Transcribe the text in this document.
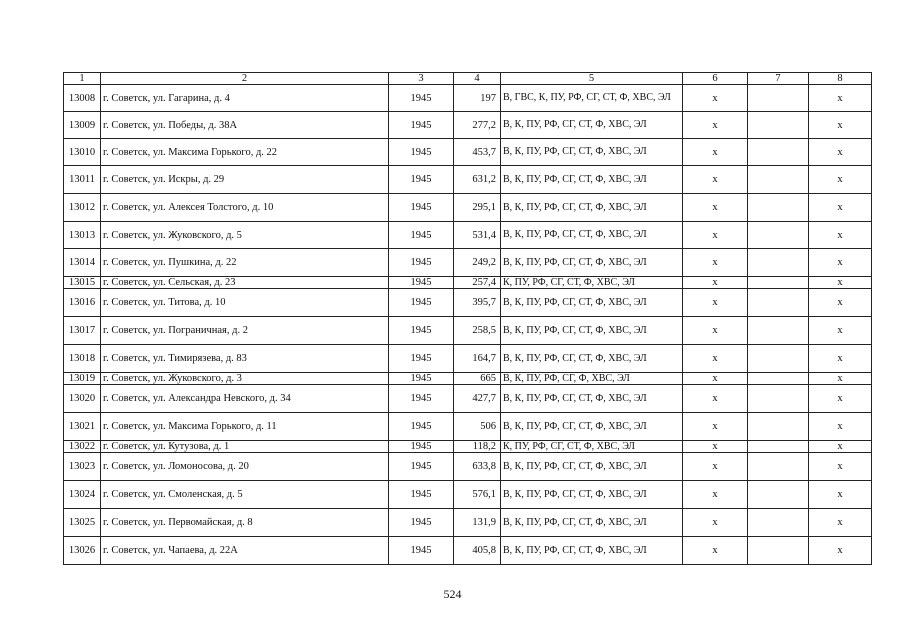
1	2	3	4	5	6	7	8
13008	г. Советск, ул. Гагарина, д. 4	1945	197	В, ГВС, К, ПУ, РФ, СГ, СТ, Ф, ХВС, ЭЛ	х		х
13009	г. Советск, ул. Победы, д. 38А	1945	277,2	В, К, ПУ, РФ, СГ, СТ, Ф, ХВС, ЭЛ	х		х
13010	г. Советск, ул. Максима Горького, д. 22	1945	453,7	В, К, ПУ, РФ, СГ, СТ, Ф, ХВС, ЭЛ	х		х
13011	г. Советск, ул. Искры, д. 29	1945	631,2	В, К, ПУ, РФ, СГ, СТ, Ф, ХВС, ЭЛ	х		х
13012	г. Советск, ул. Алексея Толстого, д. 10	1945	295,1	В, К, ПУ, РФ, СГ, СТ, Ф, ХВС, ЭЛ	х		х
13013	г. Советск, ул. Жуковского, д. 5	1945	531,4	В, К, ПУ, РФ, СГ, СТ, Ф, ХВС, ЭЛ	х		х
13014	г. Советск, ул. Пушкина, д. 22	1945	249,2	В, К, ПУ, РФ, СГ, СТ, Ф, ХВС, ЭЛ	х		х
13015	г. Советск, ул. Сельская, д. 23	1945	257,4	К, ПУ, РФ, СГ, СТ, Ф, ХВС, ЭЛ	х		х
13016	г. Советск, ул. Титова, д. 10	1945	395,7	В, К, ПУ, РФ, СГ, СТ, Ф, ХВС, ЭЛ	х		х
13017	г. Советск, ул. Пограничная, д. 2	1945	258,5	В, К, ПУ, РФ, СГ, СТ, Ф, ХВС, ЭЛ	х		х
13018	г. Советск, ул. Тимирязева, д. 83	1945	164,7	В, К, ПУ, РФ, СГ, СТ, Ф, ХВС, ЭЛ	х		х
13019	г. Советск, ул. Жуковского, д. 3	1945	665	В, К, ПУ, РФ, СГ, Ф, ХВС, ЭЛ	х		х
13020	г. Советск, ул. Александра Невского, д. 34	1945	427,7	В, К, ПУ, РФ, СГ, СТ, Ф, ХВС, ЭЛ	х		х
13021	г. Советск, ул. Максима Горького, д. 11	1945	506	В, К, ПУ, РФ, СГ, СТ, Ф, ХВС, ЭЛ	х		х
13022	г. Советск, ул. Кутузова, д. 1	1945	118,2	К, ПУ, РФ, СГ, СТ, Ф, ХВС, ЭЛ	х		х
13023	г. Советск, ул. Ломоносова, д. 20	1945	633,8	В, К, ПУ, РФ, СГ, СТ, Ф, ХВС, ЭЛ	х		х
13024	г. Советск, ул. Смоленская, д. 5	1945	576,1	В, К, ПУ, РФ, СГ, СТ, Ф, ХВС, ЭЛ	х		х
13025	г. Советск, ул. Первомайская, д. 8	1945	131,9	В, К, ПУ, РФ, СГ, СТ, Ф, ХВС, ЭЛ	х		х
13026	г. Советск, ул. Чапаева, д. 22А	1945	405,8	В, К, ПУ, РФ, СГ, СТ, Ф, ХВС, ЭЛ	х		х
524
